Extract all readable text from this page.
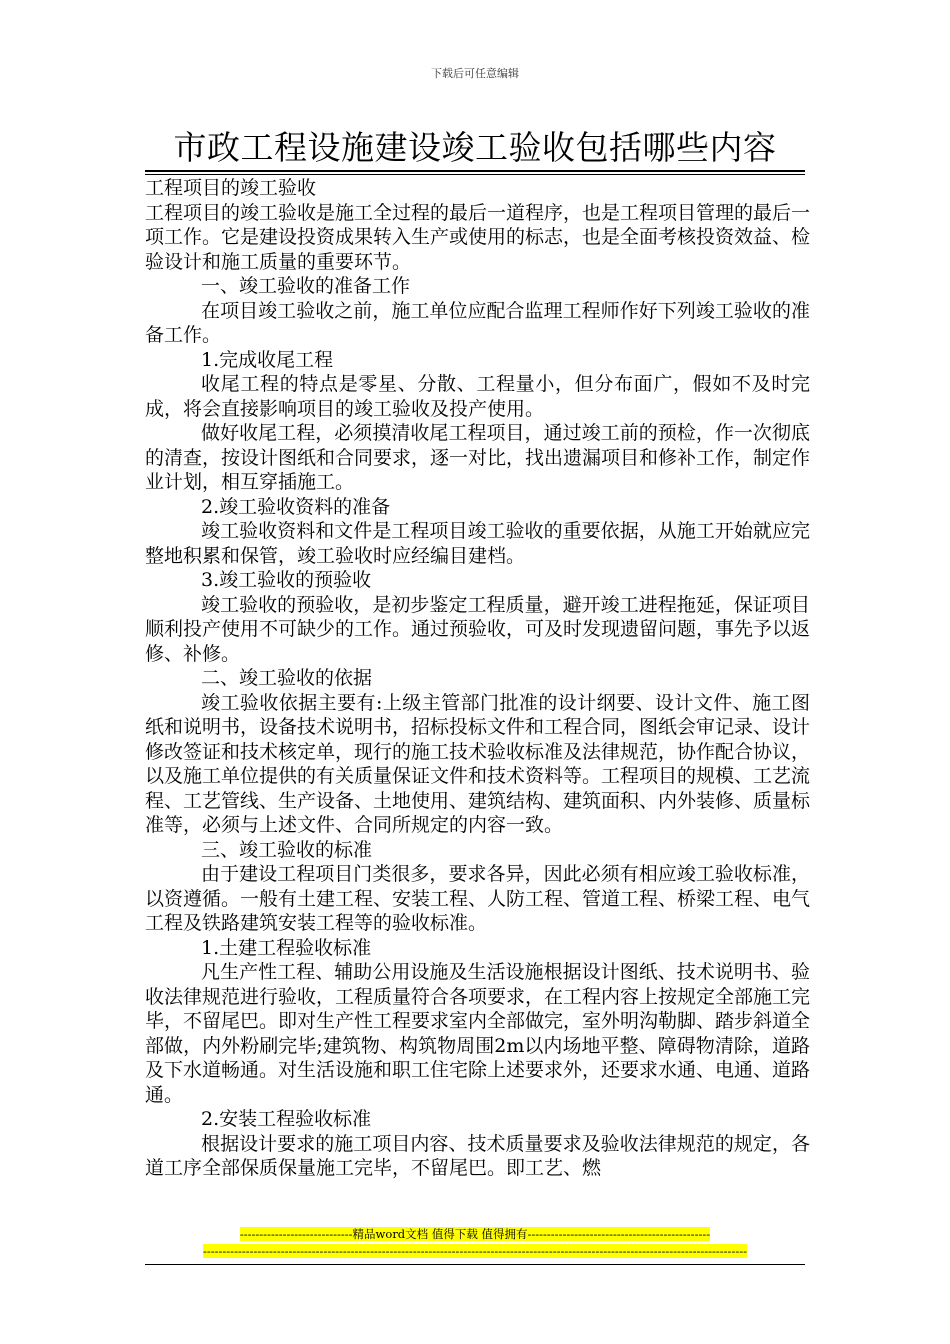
下载后可任意编辑
市政工程设施建设竣工验收包括哪些内容

工程项目的竣工验收

工程项目的竣工验收是施工全过程的最后一道程序，也是工程项目管理的最后一项工作。它是建设投资成果转入生产或使用的标志，也是全面考核投资效益、检验设计和施工质量的重要环节。

一、竣工验收的准备工作

在项目竣工验收之前，施工单位应配合监理工程师作好下列竣工验收的准备工作。

1.完成收尾工程

收尾工程的特点是零星、分散、工程量小，但分布面广，假如不及时完成，将会直接影响项目的竣工验收及投产使用。

做好收尾工程，必须摸清收尾工程项目，通过竣工前的预检，作一次彻底的清查，按设计图纸和合同要求，逐一对比，找出遗漏项目和修补工作，制定作业计划，相互穿插施工。

2.竣工验收资料的准备

竣工验收资料和文件是工程项目竣工验收的重要依据，从施工开始就应完整地积累和保管，竣工验收时应经编目建档。

3.竣工验收的预验收

竣工验收的预验收，是初步鉴定工程质量，避开竣工进程拖延，保证项目顺利投产使用不可缺少的工作。通过预验收，可及时发现遗留问题，事先予以返修、补修。

二、竣工验收的依据

竣工验收依据主要有:上级主管部门批准的设计纲要、设计文件、施工图纸和说明书，设备技术说明书，招标投标文件和工程合同，图纸会审记录、设计修改签证和技术核定单，现行的施工技术验收标准及法律规范，协作配合协议，以及施工单位提供的有关质量保证文件和技术资料等。工程项目的规模、工艺流程、工艺管线、生产设备、土地使用、建筑结构、建筑面积、内外装修、质量标准等，必须与上述文件、合同所规定的内容一致。

三、竣工验收的标准

由于建设工程项目门类很多，要求各异，因此必须有相应竣工验收标准，以资遵循。一般有土建工程、安装工程、人防工程、管道工程、桥梁工程、电气工程及铁路建筑安装工程等的验收标准。

1.土建工程验收标准

凡生产性工程、辅助公用设施及生活设施根据设计图纸、技术说明书、验收法律规范进行验收，工程质量符合各项要求，在工程内容上按规定全部施工完毕，不留尾巴。即对生产性工程要求室内全部做完，室外明沟勒脚、踏步斜道全部做，内外粉刷完毕;建筑物、构筑物周围2m以内场地平整、障碍物清除，道路及下水道畅通。对生活设施和职工住宅除上述要求外，还要求水通、电通、道路通。

2.安装工程验收标准

根据设计要求的施工项目内容、技术质量要求及验收法律规范的规定，各道工序全部保质保量施工完毕，不留尾巴。即工艺、燃

-----------------------------精品word文档 值得下载 值得拥有-----------------------------------------------
--------------------------------------------------------------------------------------------------------------------------------------------
